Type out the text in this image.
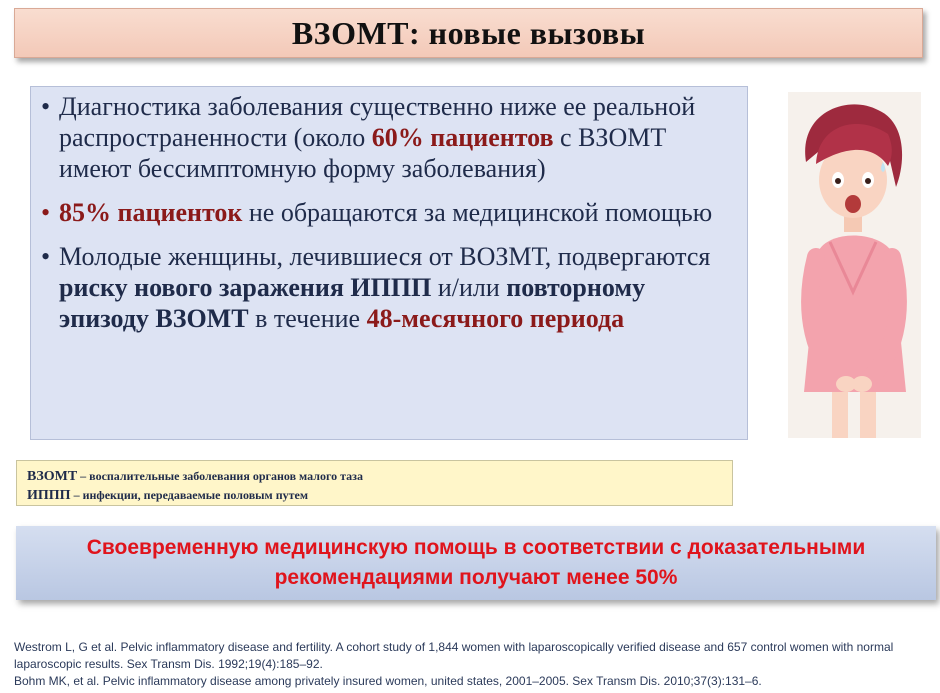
ВЗОМТ: новые вызовы
• Диагностика заболевания существенно ниже ее реальной распространенности (около 60% пациентов с ВЗОМТ имеют бессимптомную форму заболевания)
• 85% пациенток не обращаются за медицинской помощью
• Молодые женщины, лечившиеся от ВОЗМТ, подвергаются риску нового заражения ИППП и/или повторному эпизоду ВЗОМТ в течение 48-месячного периода
ВЗОМТ – воспалительные заболевания органов малого таза
ИППП – инфекции, передаваемые половым путем
Своевременную медицинскую помощь в соответствии с доказательными
рекомендациями получают менее 50%
Westrom L, G et al. Pelvic inflammatory disease and fertility. A cohort study of 1,844 women with laparoscopically verified disease and 657 control women with normal laparoscopic results. Sex Transm Dis. 1992;19(4):185–92.
Bohm MK, et al. Pelvic inflammatory disease among privately insured women, united states, 2001–2005. Sex Transm Dis. 2010;37(3):131–6.
